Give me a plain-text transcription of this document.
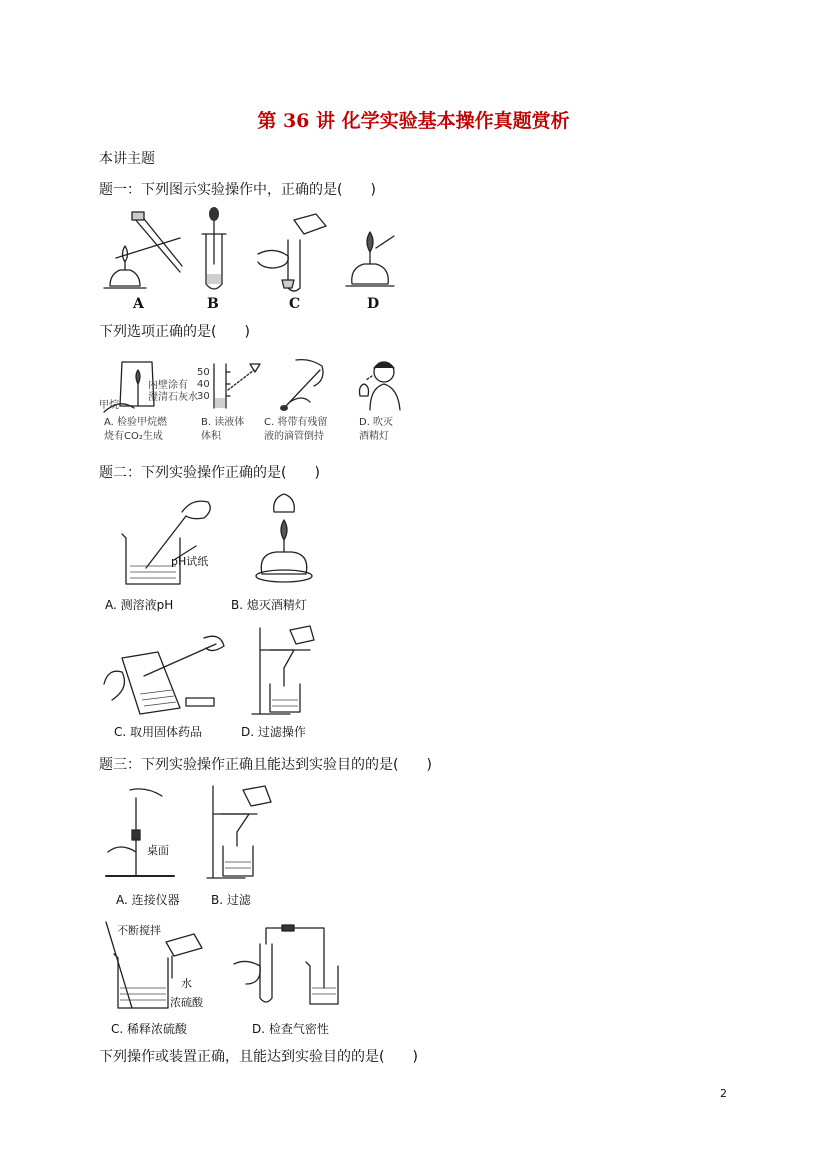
第 36 讲 化学实验基本操作真题赏析
本讲主题
题一：下列图示实验操作中，正确的是(　　)
A	B	C	D
下列选项正确的是(　　)
内壁涂有
澄清石灰水
甲烷
A. 检验甲烷燃
烧有CO₂生成
50
40
30
B. 读液体
体积
C. 将带有残留
液的滴管倒持
D. 吹灭
酒精灯
题二：下列实验操作正确的是(　　)
pH试纸
A. 测溶液pH	B. 熄灭酒精灯
C. 取用固体药品	D. 过滤操作
题三：下列实验操作正确且能达到实验目的的是(　　)
桌面
A. 连接仪器	B. 过滤
不断搅拌
水
浓硫酸
C. 稀释浓硫酸	D. 检查气密性
下列操作或装置正确，且能达到实验目的的是(　　)
2
